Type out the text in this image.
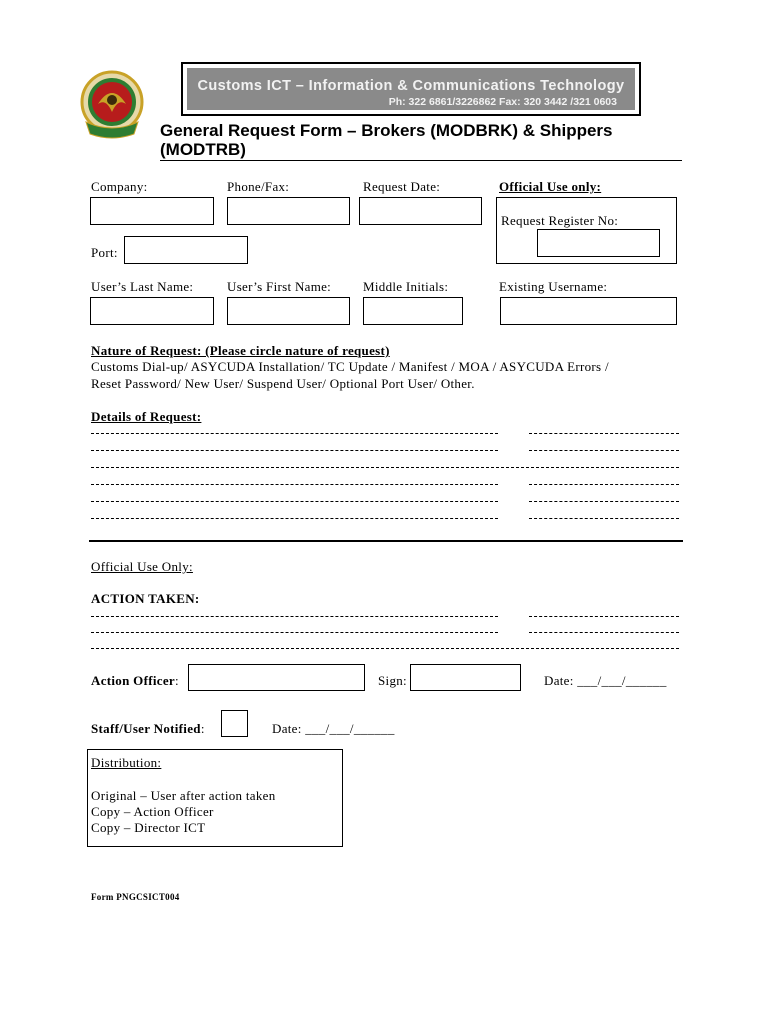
Customs ICT – Information & Communications Technology
Ph: 322 6861/3226862 Fax: 320 3442 /321 0603
General Request Form – Brokers (MODBRK) & Shippers (MODTRB)
Company:	Phone/Fax:	Request Date:	Official Use only:
Request Register No:
Port:
User’s Last Name:	User’s First Name: Middle Initials:	Existing Username:
Nature of Request: (Please circle nature of request)
Customs Dial-up/ ASYCUDA Installation/ TC Update / Manifest / MOA / ASYCUDA Errors /
Reset Password/ New User/ Suspend User/ Optional Port User/ Other.
Details of Request:
Official Use Only:
ACTION TAKEN:
Action Officer:	Sign:	Date: ___/___/______
Staff/User Notified:	Date: ___/___/______
Distribution:
Original – User after action taken
Copy – Action Officer
Copy – Director ICT
Form PNGCSICT004
